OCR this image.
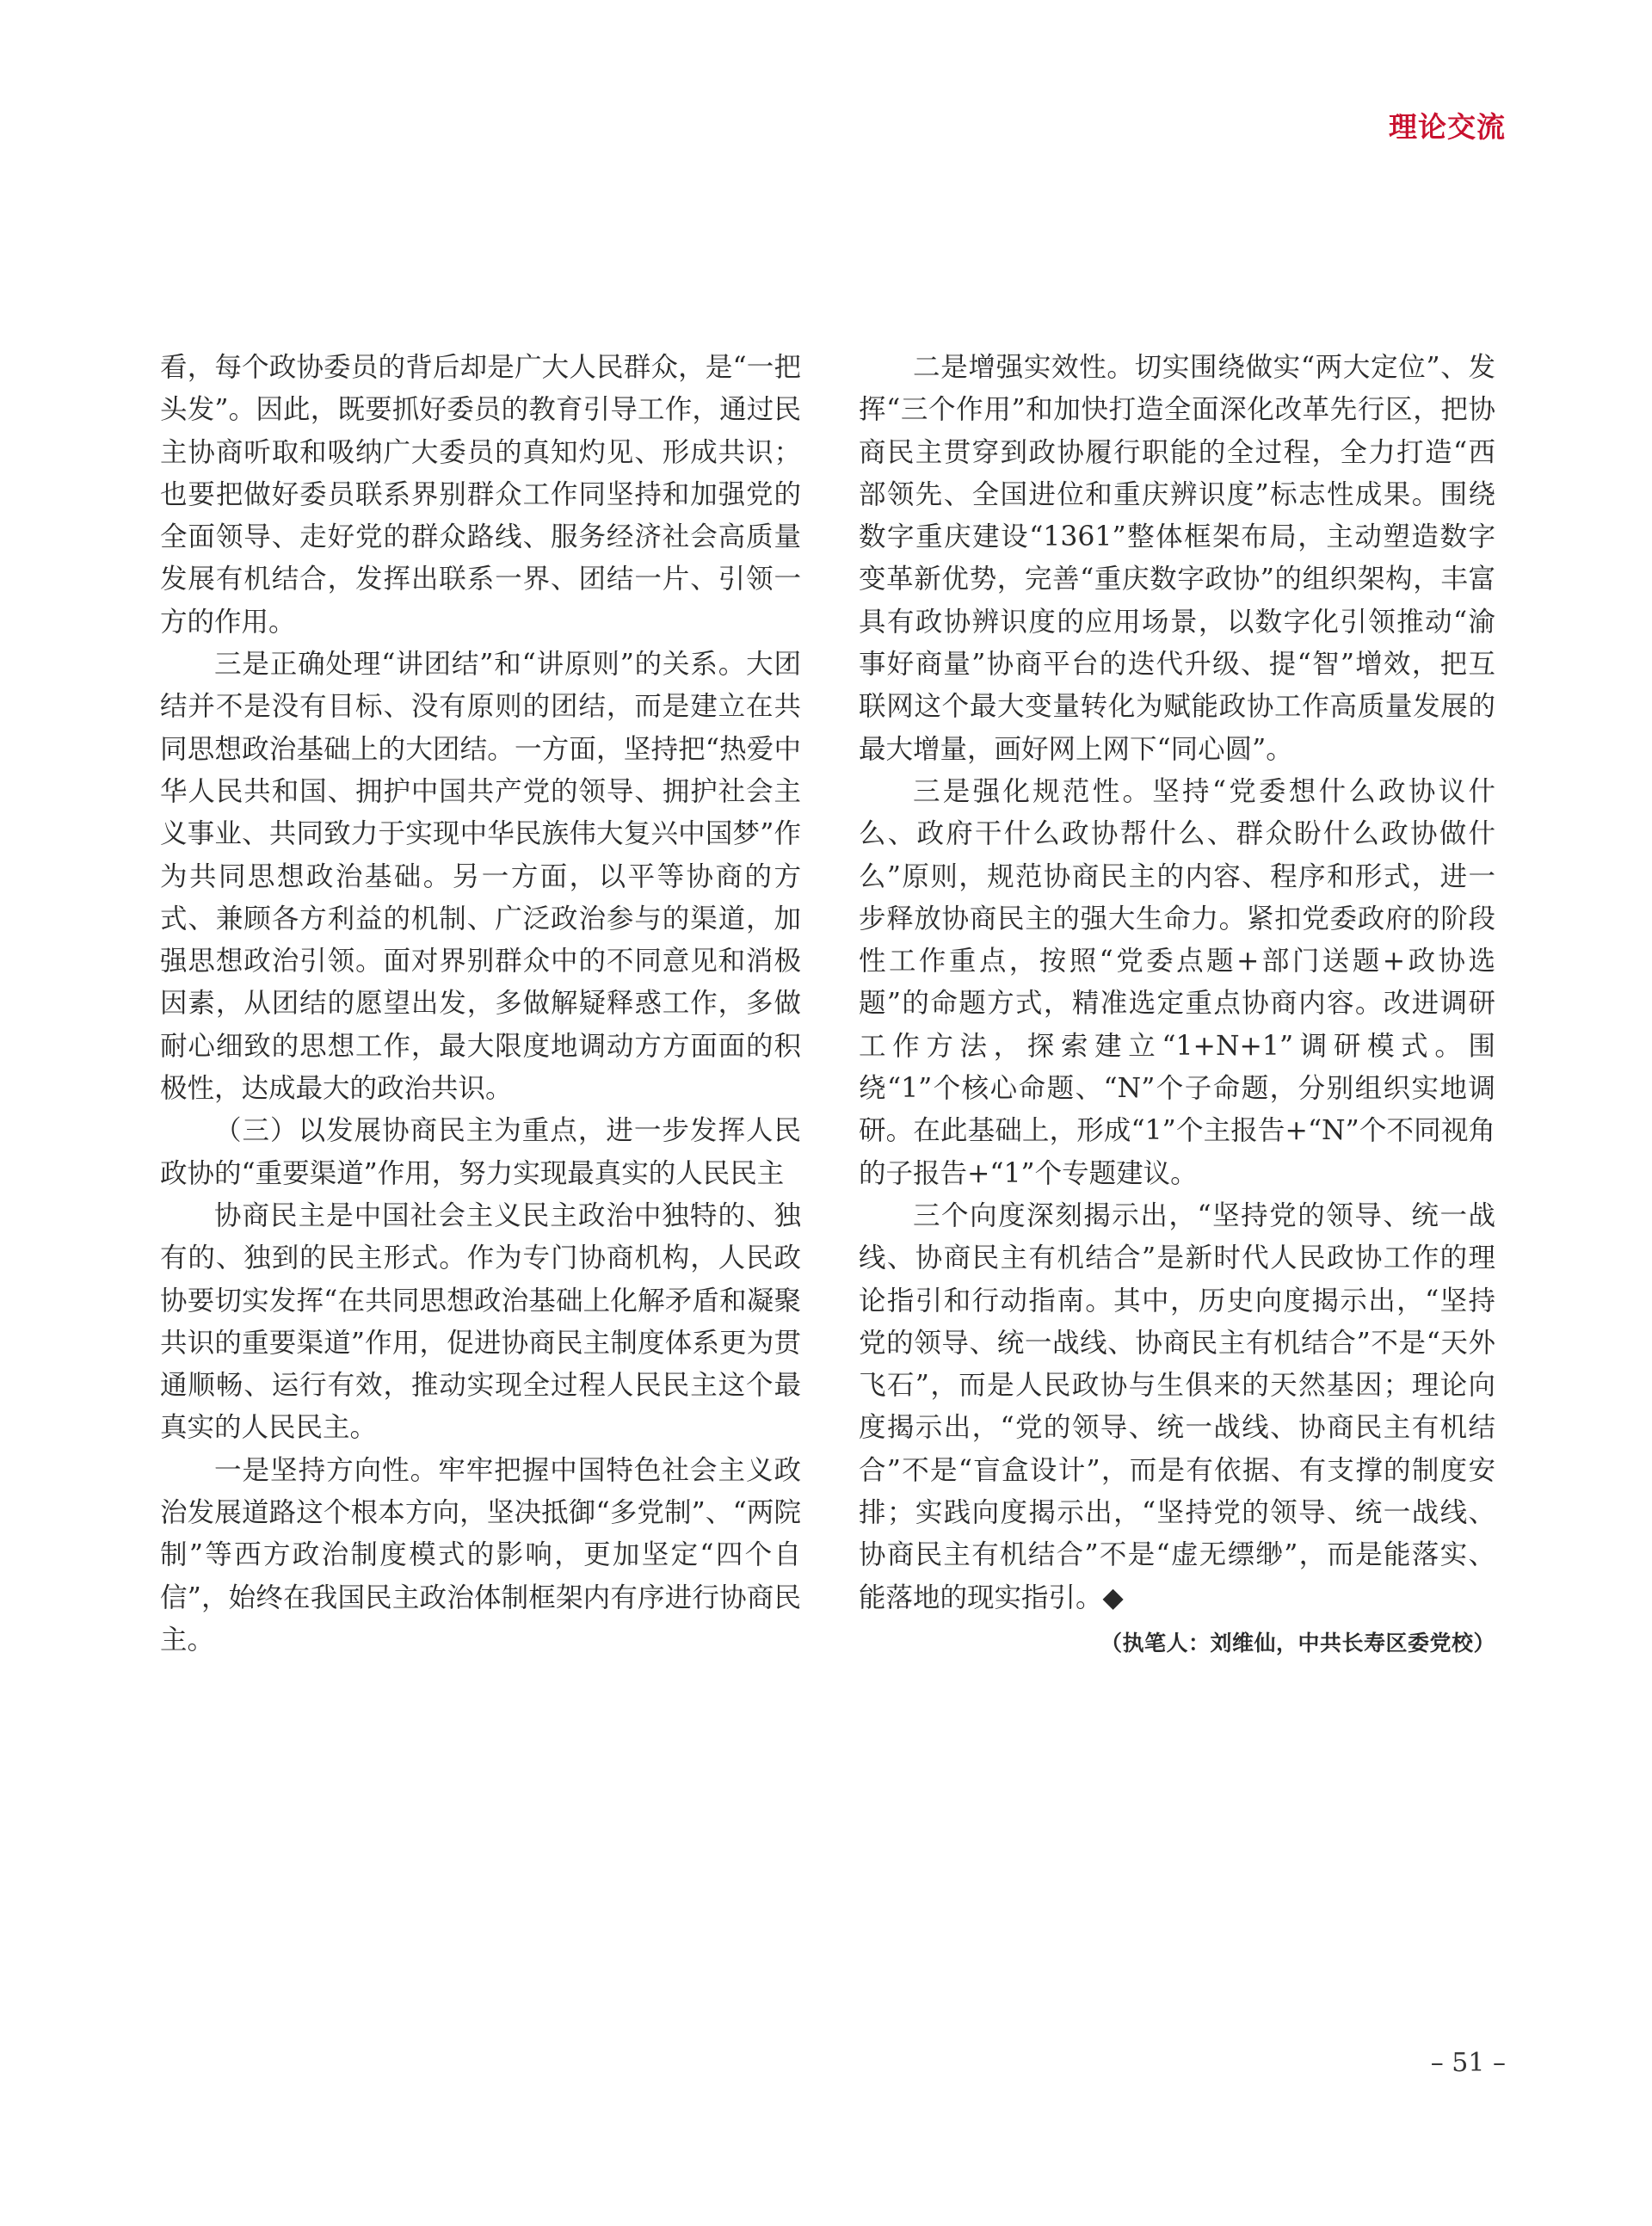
理论交流

看，每个政协委员的背后却是广大人民群众，是“一把头发”。因此，既要抓好委员的教育引导工作，通过民主协商听取和吸纳广大委员的真知灼见、形成共识；也要把做好委员联系界别群众工作同坚持和加强党的全面领导、走好党的群众路线、服务经济社会高质量发展有机结合，发挥出联系一界、团结一片、引领一方的作用。

三是正确处理“讲团结”和“讲原则”的关系。大团结并不是没有目标、没有原则的团结，而是建立在共同思想政治基础上的大团结。一方面，坚持把“热爱中华人民共和国、拥护中国共产党的领导、拥护社会主义事业、共同致力于实现中华民族伟大复兴中国梦”作为共同思想政治基础。另一方面，以平等协商的方式、兼顾各方利益的机制、广泛政治参与的渠道，加强思想政治引领。面对界别群众中的不同意见和消极因素，从团结的愿望出发，多做解疑释惑工作，多做耐心细致的思想工作，最大限度地调动方方面面的积极性，达成最大的政治共识。

（三）以发展协商民主为重点，进一步发挥人民政协的“重要渠道”作用，努力实现最真实的人民民主

协商民主是中国社会主义民主政治中独特的、独有的、独到的民主形式。作为专门协商机构，人民政协要切实发挥“在共同思想政治基础上化解矛盾和凝聚共识的重要渠道”作用，促进协商民主制度体系更为贯通顺畅、运行有效，推动实现全过程人民民主这个最真实的人民民主。

一是坚持方向性。牢牢把握中国特色社会主义政治发展道路这个根本方向，坚决抵御“多党制”、“两院制”等西方政治制度模式的影响，更加坚定“四个自信”，始终在我国民主政治体制框架内有序进行协商民主。

二是增强实效性。切实围绕做实“两大定位”、发挥“三个作用”和加快打造全面深化改革先行区，把协商民主贯穿到政协履行职能的全过程，全力打造“西部领先、全国进位和重庆辨识度”标志性成果。围绕数字重庆建设“1361”整体框架布局，主动塑造数字变革新优势，完善“重庆数字政协”的组织架构，丰富具有政协辨识度的应用场景，以数字化引领推动“渝事好商量”协商平台的迭代升级、提“智”增效，把互联网这个最大变量转化为赋能政协工作高质量发展的最大增量，画好网上网下“同心圆”。

三是强化规范性。坚持“党委想什么政协议什么、政府干什么政协帮什么、群众盼什么政协做什么”原则，规范协商民主的内容、程序和形式，进一步释放协商民主的强大生命力。紧扣党委政府的阶段性工作重点，按照“党委点题+部门送题+政协选题”的命题方式，精准选定重点协商内容。改进调研工作方法，探索建立“1+N+1”调研模式。围绕“1”个核心命题、“N”个子命题，分别组织实地调研。在此基础上，形成“1”个主报告+“N”个不同视角的子报告+“1”个专题建议。

三个向度深刻揭示出，“坚持党的领导、统一战线、协商民主有机结合”是新时代人民政协工作的理论指引和行动指南。其中，历史向度揭示出，“坚持党的领导、统一战线、协商民主有机结合”不是“天外飞石”，而是人民政协与生俱来的天然基因；理论向度揭示出，“党的领导、统一战线、协商民主有机结合”不是“盲盒设计”，而是有依据、有支撑的制度安排；实践向度揭示出，“坚持党的领导、统一战线、协商民主有机结合”不是“虚无缥缈”，而是能落实、能落地的现实指引。◆

（执笔人：刘维仙，中共长寿区委党校）
– 51 –
